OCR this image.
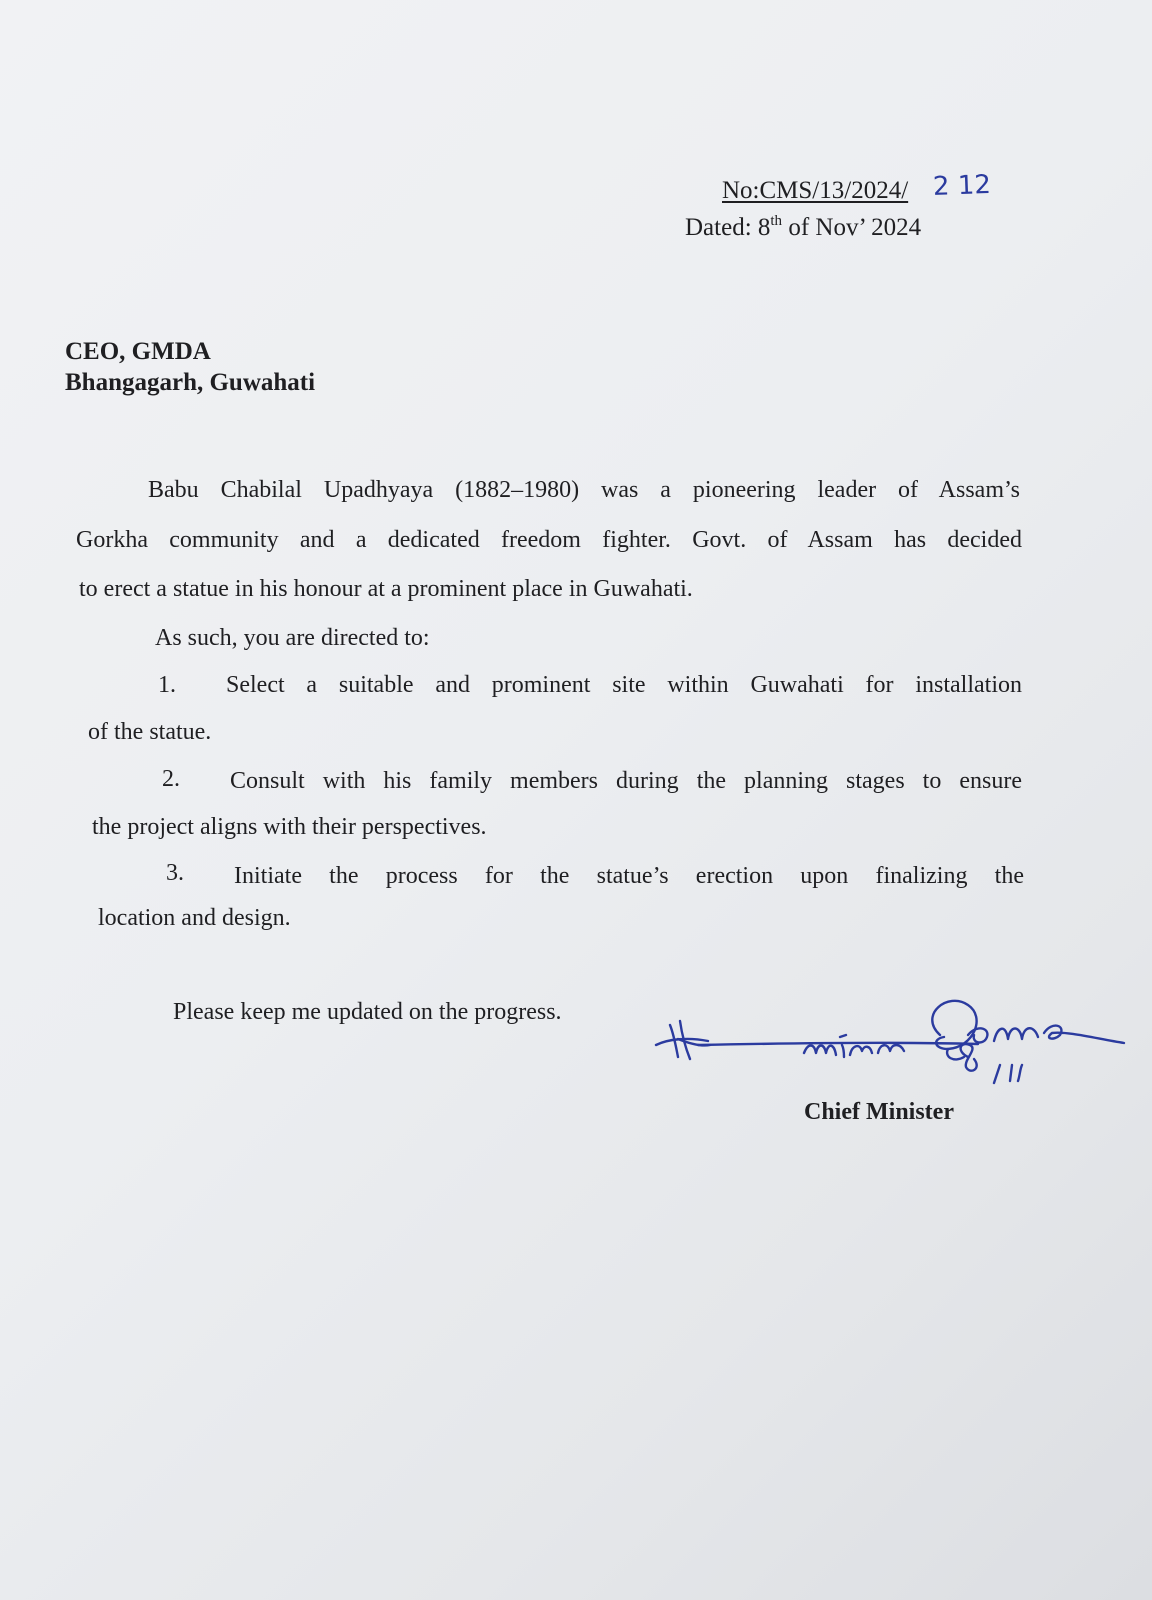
No:CMS/13/2024/ 2 12
Dated: 8th of Nov’ 2024
CEO, GMDA
Bhangagarh, Guwahati
Babu Chabilal Upadhyaya (1882–1980) was a pioneering leader of Assam’s
Gorkha community and a dedicated freedom fighter. Govt. of Assam has decided
to erect a statue in his honour at a prominent place in Guwahati.
As such, you are directed to:
1. Select a suitable and prominent site within Guwahati for installation
of the statue.
2. Consult with his family members during the planning stages to ensure
the project aligns with their perspectives.
3. Initiate the process for the statue’s erection upon finalizing the
location and design.
Please keep me updated on the progress.
Chief Minister
